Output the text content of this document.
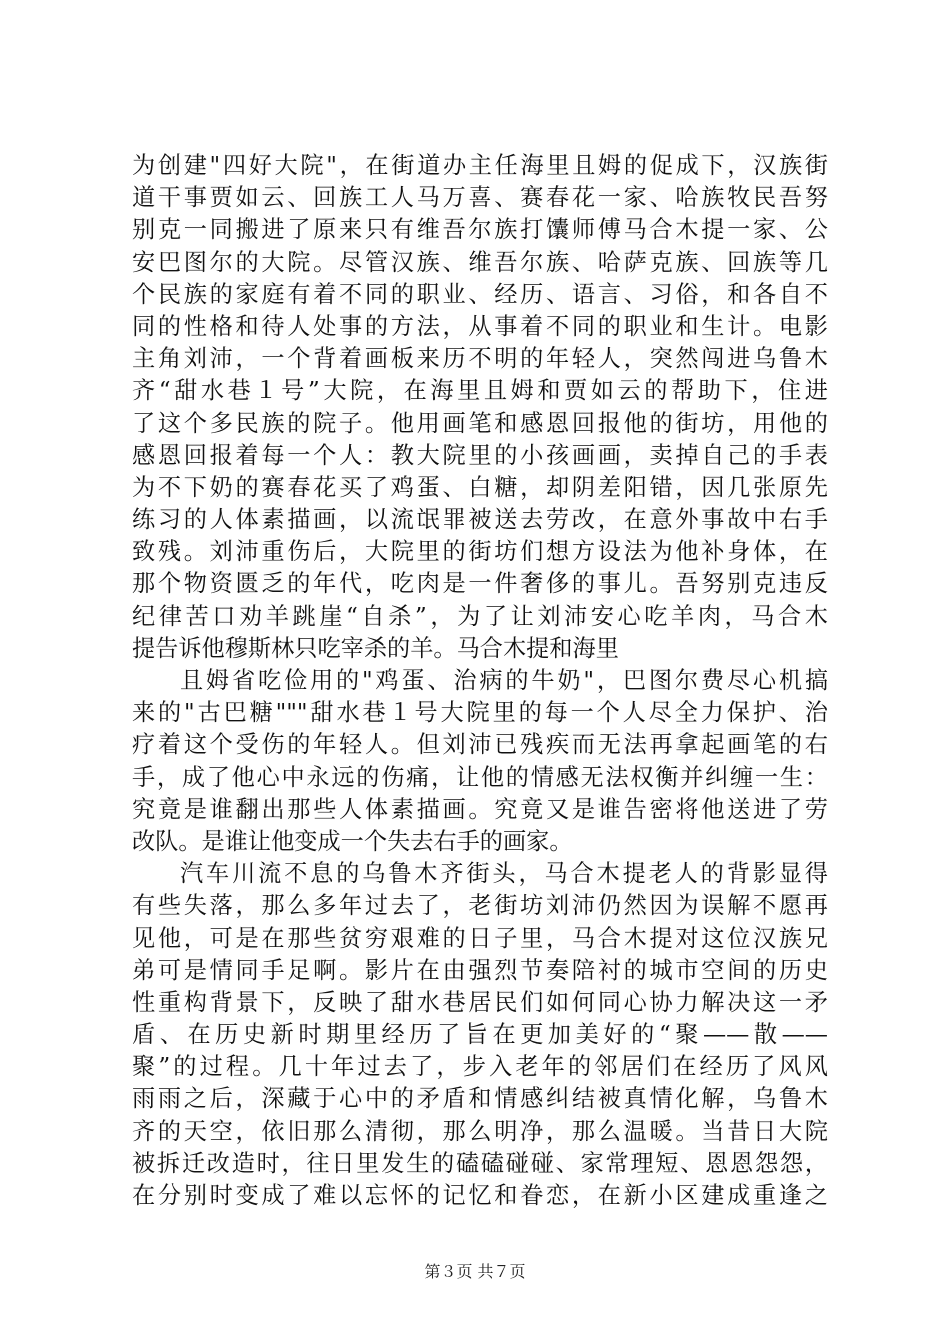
为创建"四好大院"，在街道办主任海里且姆的促成下，汉族街
道干事贾如云、回族工人马万喜、赛春花一家、哈族牧民吾努
别克一同搬进了原来只有维吾尔族打馕师傅马合木提一家、公
安巴图尔的大院。尽管汉族、维吾尔族、哈萨克族、回族等几
个民族的家庭有着不同的职业、经历、语言、习俗，和各自不
同的性格和待人处事的方法，从事着不同的职业和生计。电影
主角刘沛，一个背着画板来历不明的年轻人，突然闯进乌鲁木
齐“甜水巷１号”大院，在海里且姆和贾如云的帮助下，住进
了这个多民族的院子。他用画笔和感恩回报他的街坊，用他的
感恩回报着每一个人：教大院里的小孩画画，卖掉自己的手表
为不下奶的赛春花买了鸡蛋、白糖，却阴差阳错，因几张原先
练习的人体素描画，以流氓罪被送去劳改，在意外事故中右手
致残。刘沛重伤后，大院里的街坊们想方设法为他补身体，在
那个物资匮乏的年代，吃肉是一件奢侈的事儿。吾努别克违反
纪律苦口劝羊跳崖“自杀”，为了让刘沛安心吃羊肉，马合木
提告诉他穆斯林只吃宰杀的羊。马合木提和海里
且姆省吃俭用的"鸡蛋、治病的牛奶"，巴图尔费尽心机搞
来的"古巴糖"""甜水巷１号大院里的每一个人尽全力保护、治
疗着这个受伤的年轻人。但刘沛已残疾而无法再拿起画笔的右
手，成了他心中永远的伤痛，让他的情感无法权衡并纠缠一生：
究竟是谁翻出那些人体素描画。究竟又是谁告密将他送进了劳
改队。是谁让他变成一个失去右手的画家。
汽车川流不息的乌鲁木齐街头，马合木提老人的背影显得
有些失落，那么多年过去了，老街坊刘沛仍然因为误解不愿再
见他，可是在那些贫穷艰难的日子里，马合木提对这位汉族兄
弟可是情同手足啊。影片在由强烈节奏陪衬的城市空间的历史
性重构背景下，反映了甜水巷居民们如何同心协力解决这一矛
盾、在历史新时期里经历了旨在更加美好的“聚——散——
聚”的过程。几十年过去了，步入老年的邻居们在经历了风风
雨雨之后，深藏于心中的矛盾和情感纠结被真情化解，乌鲁木
齐的天空，依旧那么清彻，那么明净，那么温暖。当昔日大院
被拆迁改造时，往日里发生的磕磕碰碰、家常理短、恩恩怨怨，
在分别时变成了难以忘怀的记忆和眷恋，在新小区建成重逢之
第３页 共７页
